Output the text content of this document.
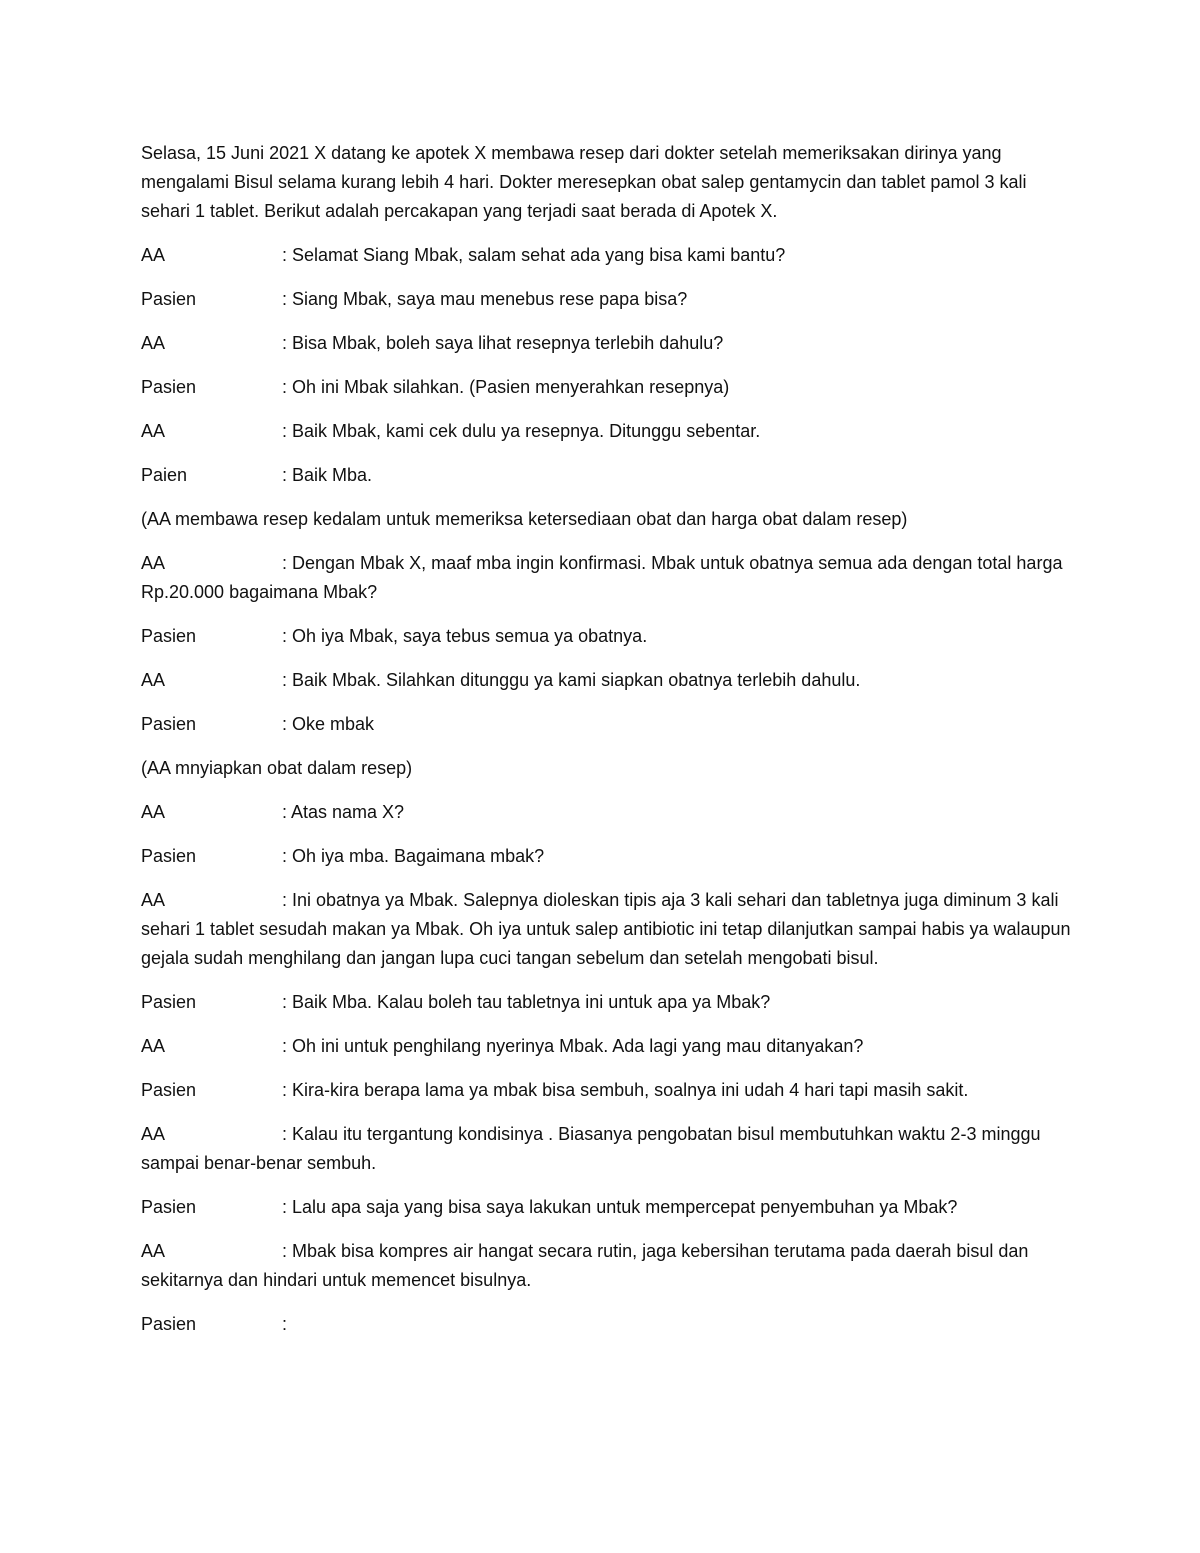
Selasa, 15 Juni 2021 X datang ke apotek X membawa resep dari dokter setelah memeriksakan dirinya yang mengalami Bisul selama kurang lebih 4 hari. Dokter meresepkan obat salep gentamycin dan tablet pamol 3 kali sehari 1 tablet. Berikut adalah percakapan yang terjadi saat berada di Apotek X.

AA	: Selamat Siang Mbak, salam sehat ada yang bisa kami bantu?

Pasien	: Siang Mbak, saya mau menebus rese papa bisa?

AA	: Bisa Mbak, boleh saya lihat resepnya terlebih dahulu?

Pasien	: Oh ini Mbak silahkan. (Pasien menyerahkan resepnya)

AA	: Baik Mbak, kami cek dulu ya resepnya. Ditunggu sebentar.

Paien	: Baik Mba.

(AA membawa resep kedalam untuk memeriksa ketersediaan obat dan harga obat dalam resep)

AA	: Dengan Mbak X, maaf mba ingin konfirmasi. Mbak untuk obatnya semua ada dengan total harga Rp.20.000 bagaimana Mbak?

Pasien	: Oh iya Mbak, saya tebus semua ya obatnya.

AA	: Baik Mbak. Silahkan ditunggu ya kami siapkan obatnya terlebih dahulu.

Pasien	: Oke mbak

(AA mnyiapkan obat dalam resep)

AA	: Atas nama X?

Pasien	: Oh iya mba. Bagaimana mbak?

AA	: Ini obatnya ya Mbak. Salepnya dioleskan tipis aja 3 kali sehari dan tabletnya juga diminum 3 kali sehari 1 tablet sesudah makan ya Mbak. Oh iya untuk salep antibiotic ini tetap dilanjutkan sampai habis ya walaupun gejala sudah menghilang dan jangan lupa cuci tangan sebelum dan setelah mengobati bisul.

Pasien	: Baik Mba. Kalau boleh tau tabletnya ini untuk apa ya Mbak?

AA	: Oh ini untuk penghilang nyerinya Mbak. Ada lagi yang mau ditanyakan?

Pasien	: Kira-kira berapa lama ya mbak bisa sembuh, soalnya ini udah 4 hari tapi masih sakit.

AA	: Kalau itu tergantung kondisinya . Biasanya pengobatan bisul membutuhkan waktu 2-3 minggu sampai benar-benar sembuh.

Pasien	: Lalu apa saja yang bisa saya lakukan untuk mempercepat penyembuhan ya Mbak?

AA	: Mbak bisa kompres air hangat secara rutin, jaga kebersihan terutama pada daerah bisul dan sekitarnya dan hindari untuk memencet bisulnya.

Pasien	:
